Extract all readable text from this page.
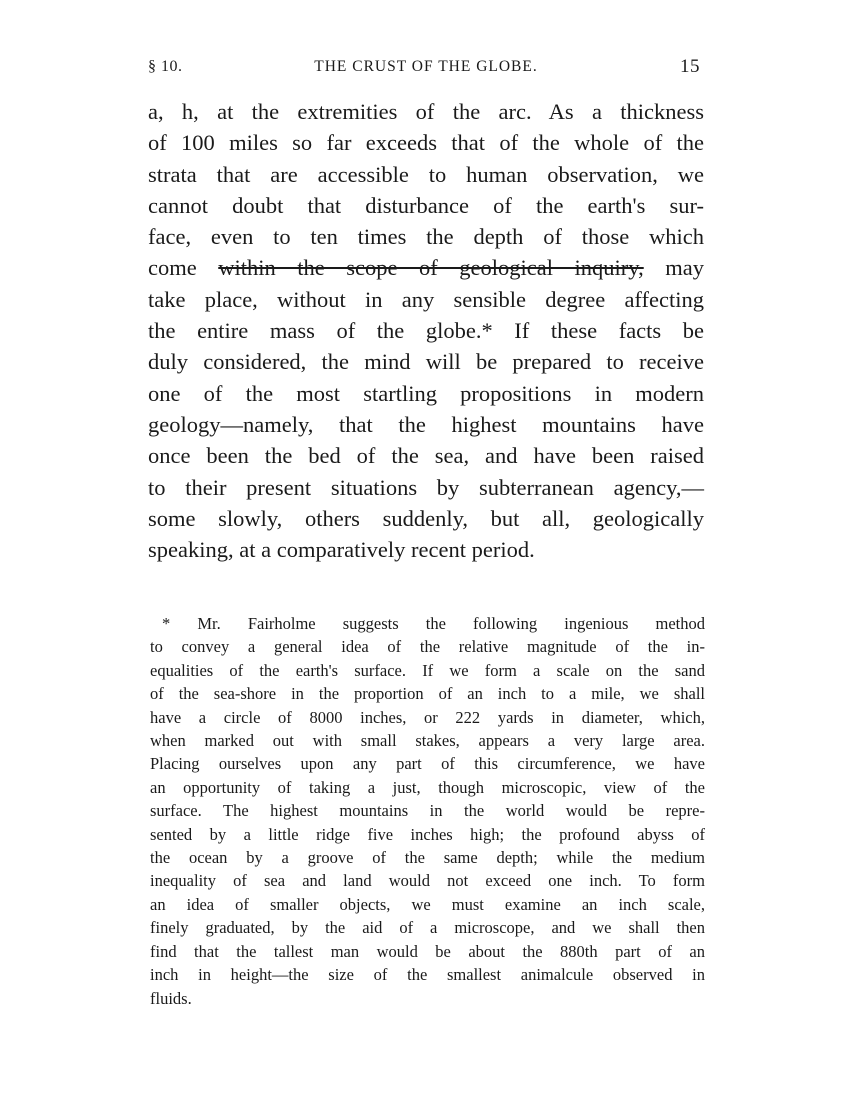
§ 10.	THE CRUST OF THE GLOBE.	15
a, h, at the extremities of the arc. As a thickness
of 100 miles so far exceeds that of the whole of the
strata that are accessible to human observation, we
cannot doubt that disturbance of the earth's sur-
face, even to ten times the depth of those which
come within the scope of geological inquiry, may
take place, without in any sensible degree affecting
the entire mass of the globe.* If these facts be
duly considered, the mind will be prepared to receive
one of the most startling propositions in modern
geology—namely, that the highest mountains have
once been the bed of the sea, and have been raised
to their present situations by subterranean agency,—
some slowly, others suddenly, but all, geologically
speaking, at a comparatively recent period.
* Mr. Fairholme suggests the following ingenious method
to convey a general idea of the relative magnitude of the in-
equalities of the earth's surface. If we form a scale on the sand
of the sea-shore in the proportion of an inch to a mile, we shall
have a circle of 8000 inches, or 222 yards in diameter, which,
when marked out with small stakes, appears a very large area.
Placing ourselves upon any part of this circumference, we have
an opportunity of taking a just, though microscopic, view of the
surface. The highest mountains in the world would be repre-
sented by a little ridge five inches high; the profound abyss of
the ocean by a groove of the same depth; while the medium
inequality of sea and land would not exceed one inch. To form
an idea of smaller objects, we must examine an inch scale,
finely graduated, by the aid of a microscope, and we shall then
find that the tallest man would be about the 880th part of an
inch in height—the size of the smallest animalcule observed in
fluids.
